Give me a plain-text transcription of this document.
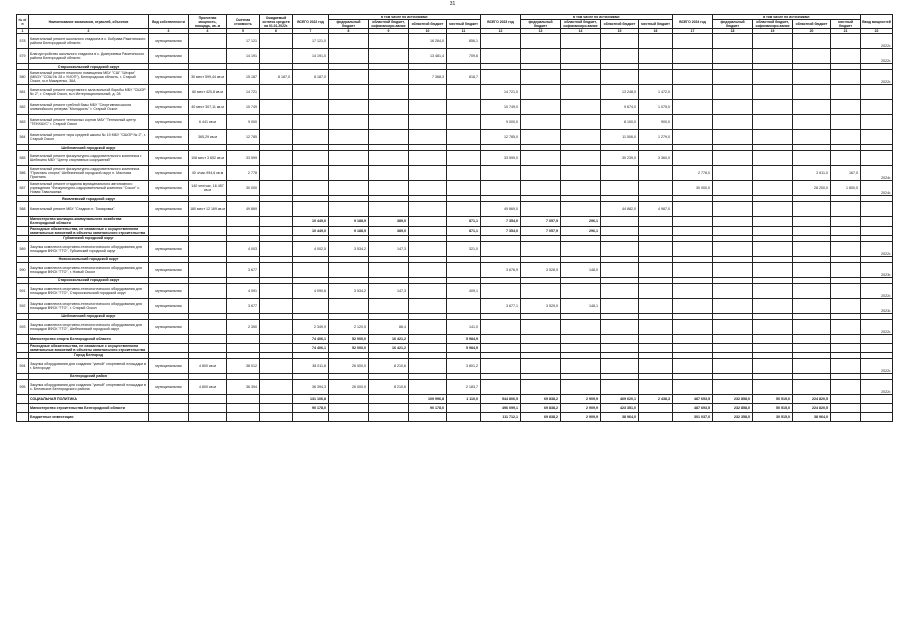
31
№ п/п	Наименование заказчиков, отраслей, объектов	Вид собственности	Проектная мощность, площадь, кв. м	Сметная стоимость	Ожидаемый остаток средств на 01.01.2022г.	ВСЕГО 2022 год	в том числе по источникам:				ВСЕГО 2023 год	в том числе по источникам:				ВСЕГО 2024 год	в том числе по источникам:				Ввод мощностей	
							федеральный бюджет	областной бюджет, софинансиро-вание	областной бюджет	местный бюджет		федеральный бюджет	областной бюджет, софинансиро-вание	областной бюджет	местный бюджет		федеральный бюджет	областной бюджет, софинансиро-вание	областной бюджет	местный бюджет		
1	2	3	4	5	6	7	8	9	10	11	12	13	14	15	16	17	18	19	20	21	22	
578	Капитальный ремонт школьного стадиона в с. Бобрава Ракитянского района Белгородской области	муниципальная		17 121		17 121,0			16 264,0	856,1											2022г.	
579	Благоустройство школьного стадиона в с. Дмитриевка Ракитянского района Белгородской области	муниципальная		14 191		14 191,0			13 481,4	709,6											2022г.	
	Старооскольский городской округ																					
580	Капитальный ремонт нежилого помещения МБУ "СШ" "Шторм" (МБОУ "СОШ № 28 с УИОП"), Белгородская область, г. Старый Оскол, м-н Макаренко, 36А	муниципальная	30 мест 599,44 кв.м	15 187	8 187,0	8 187,0			7 368,3	818,7											2022г.	
581	Капитальный ремонт спортивного зала вольной борьбы МБУ "СШОР № 2", г. Старый Оскол, м-н Интернациональный, д. 28	муниципальная	60 мест 420,8 кв.м	14 721							14 721,0			13 248,0	1 472,0							
582	Капитальный ремонт гребной базы МБУ "Спортивная школа олимпийского резерва "Молодость" г. Старый Оскол	муниципальная	40 мест 307,11 кв.м	10 749							10 749,0			9 674,0	1 075,0							
583	Капитальный ремонт теннисных кортов МАУ "Теннисный центр "ТЕНХАУС" г. Старый Оскол	муниципальная	6 441 кв.м	9 000							9 000,0			8 100,0	900,0							
584	Капитальный ремонт тира средней школы № 19 МБУ "СШОР № 2", г. Старый Оскол	муниципальная	365,29 кв.м	12 785							12 785,0			11 506,0	1 279,0							
	Шебекинский городской округ																					
585	Капитальный ремонт физкультурно-оздоровительного комплекса г. Шебекино МБУ "Центр спортивных сооружений"	муниципальная	108 мест 3 652 кв.м	33 599							33 599,0			30 239,0	3 360,0							
586	Капитальный ремонт физкультурно-оздоровительного комплекса "Пристань спорта" Шебекинский городской округ п. Маслова Пристань	муниципальная	40 ч/час 994,6 кв.м	2 778												2 778,0			2 611,0	167,0	2024г.	
587	Капитальный ремонт стадиона муниципального автономного учреждения "Физкультурно-оздоровительный комплекс "Сокол" с. Новая Таволжанка	муниципальная	140 чел/час, 16 457 кв.м	30 000												30 000,0			28 200,0	1 800,0	2024г.	
	Яковлевский городской округ																					
588	Капитальный ремонт МБУ "Стадион п. Томаровка"	муниципальная	180 мест 12 169 кв.м	49 869							49 869,0			44 882,0	4 987,0							
	Министерство жилищно-коммунального хозяйства Белгородской области					10 449,0	9 188,9	389,0		871,1	7 354,0	7 057,9	296,1									
	Расходные обязательства, не связанные с осуществлением капитальных вложений в объекты капитального строительства					10 449,0	9 188,9	389,0		871,1	7 354,0	7 057,9	296,1									
	Губкинский городской округ																					
589	Закупка комплекта спортивно-технологического оборудования для площадки ВФСК "ГТО", Губкинский городской округ	муниципальная		4 003		4 002,5	3 534,2	147,3		321,0											2022г.	
	Новооскольский городской округ																					
590	Закупка комплекта спортивно-технологического оборудования для площадки ВФСК "ГТО", г. Новый Оскол	муниципальная		3 677							3 676,9	3 528,9	148,0								2023г.	
	Старооскольский городской округ																					
591	Закупка комплекта спортивно-технологического оборудования для площадки ВФСК "ГТО", Старооскольский городской округ	муниципальная		4 091		4 090,6	3 534,2	147,3		409,1											2022г.	
592	Закупка комплекта спортивно-технологического оборудования для площадки ВФСК "ГТО", г. Старый Оскол	муниципальная		3 677							3 677,1	3 529,0	148,1								2023г.	
	Шебекинский городской округ																					
593	Закупка комплекта спортивно-технологического оборудования для площадки ВФСК "ГТО", Шебекинский городской округ	муниципальная		2 350		2 349,9	2 120,5	88,4		141,0											2022г.	
	Министерство спорта Белгородской области					74 406,1	52 000,0	16 421,2		5 984,9												
	Расходные обязательства, не связанные с осуществлением капитальных вложений в объекты капитального строительства					74 406,1	52 000,0	16 421,2		5 984,9												
	Город Белгород																					
594	Закупка оборудования для создания "умной" спортивной площадки в г. Белгороде	муниципальная	4 800 кв.м	38 012		38 011,8	26 000,0	8 210,6		3 801,2											2022г.	
	Белгородский район																					
595	Закупка оборудования для создания "умной" спортивной площадки в с. Беловское Белгородского района	муниципальная	4 800 кв.м	36 394		36 394,3	26 000,0	8 210,6		2 183,7											2022г.	
	СОЦИАЛЬНАЯ ПОЛИТИКА					131 106,8			109 996,8	1 110,0	544 806,5	69 838,2	2 909,9	469 620,1	2 438,3	487 693,5	232 858,0	50 515,0	224 820,5			
	Министерство строительства Белгородской области					90 178,0			90 178,0		496 099,1	69 838,2	2 909,9	423 351,0		487 693,5	232 858,0	50 515,0	224 820,5			
	Бюджетные инвестиции										111 712,1	69 838,2	2 909,9	38 964,0		301 037,0	232 358,0	30 515,0	38 964,0			
